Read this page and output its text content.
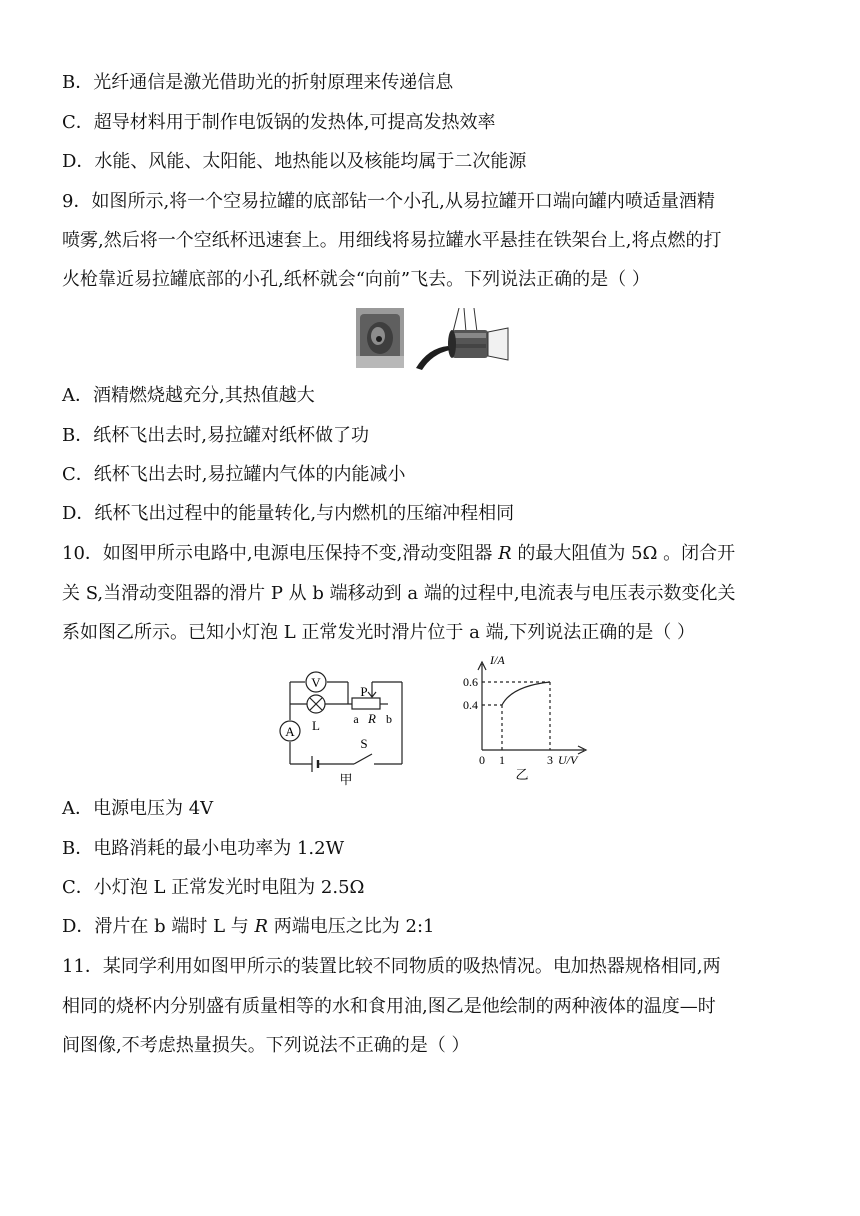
B．光纤通信是激光借助光的折射原理来传递信息
C．超导材料用于制作电饭锅的发热体,可提高发热效率
D．水能、风能、太阳能、地热能以及核能均属于二次能源
9．如图所示,将一个空易拉罐的底部钻一个小孔,从易拉罐开口端向罐内喷适量酒精
喷雾,然后将一个空纸杯迅速套上。用细线将易拉罐水平悬挂在铁架台上,将点燃的打
火枪靠近易拉罐底部的小孔,纸杯就会“向前”飞去。下列说法正确的是（ ）
A．酒精燃烧越充分,其热值越大
B．纸杯飞出去时,易拉罐对纸杯做了功
C．纸杯飞出去时,易拉罐内气体的内能减小
D．纸杯飞出过程中的能量转化,与内燃机的压缩冲程相同
10．如图甲所示电路中,电源电压保持不变,滑动变阻器 R 的最大阻值为 5Ω 。闭合开
关 S,当滑动变阻器的滑片 P 从 b 端移动到 a 端的过程中,电流表与电压表示数变化关
系如图乙所示。已知小灯泡 L 正常发光时滑片位于 a 端,下列说法正确的是（ ）
V
A L
P
a R b
S
甲
I/A
U/V
0.6
0.4
0 1	3
乙
A．电源电压为 4V
B．电路消耗的最小电功率为 1.2W
C．小灯泡 L 正常发光时电阻为 2.5Ω
D．滑片在 b 端时 L 与 R 两端电压之比为 2:1
11．某同学利用如图甲所示的装置比较不同物质的吸热情况。电加热器规格相同,两
相同的烧杯内分别盛有质量相等的水和食用油,图乙是他绘制的两种液体的温度—时
间图像,不考虑热量损失。下列说法不正确的是（ ）
